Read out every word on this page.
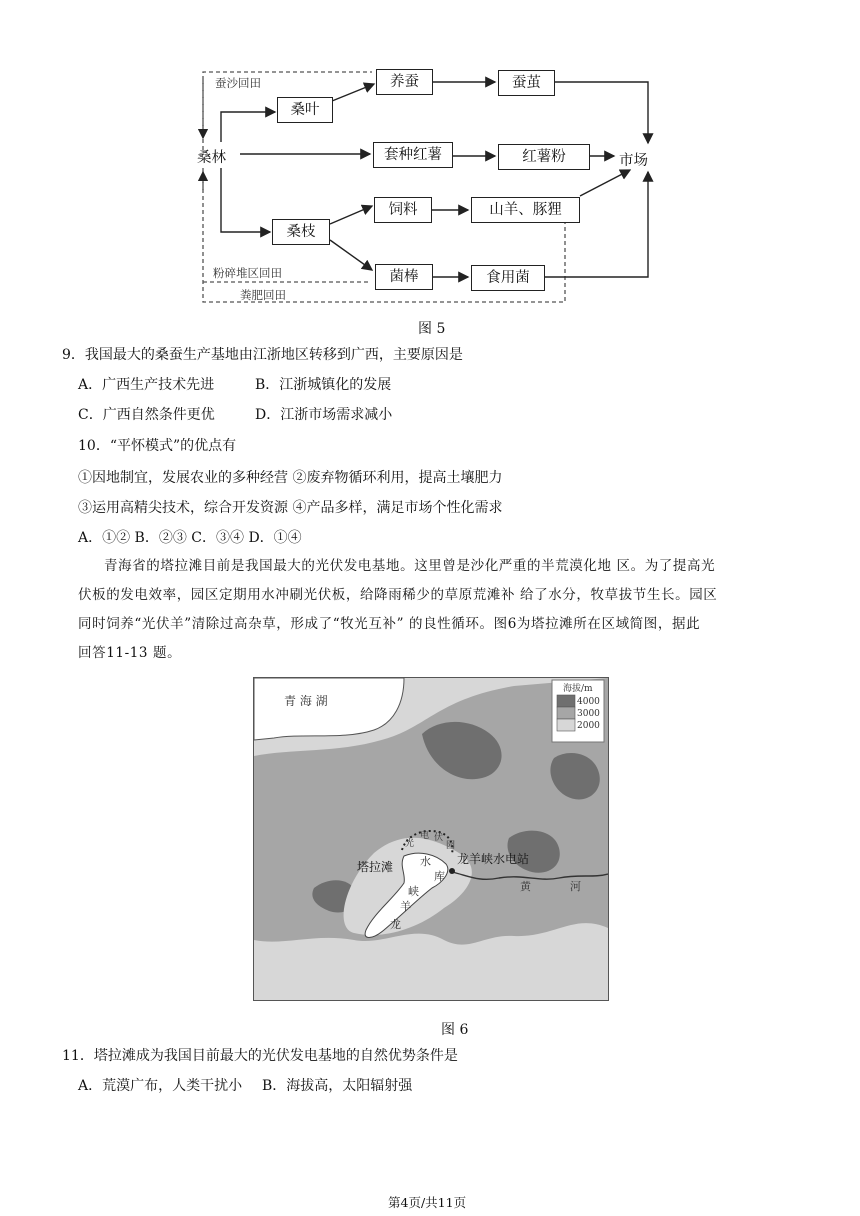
蚕沙回田
桑叶
养蚕	蚕茧
桑林	套种红薯	红薯粉	市场
饲料	山羊、豚狸
桑枝
菌棒	食用菌
粉碎堆区回田
粪肥回田
图 5
9．我国最大的桑蚕生产基地由江浙地区转移到广西，主要原因是
A．广西生产技术先进	B．江浙城镇化的发展
C．广西自然条件更优	D．江浙市场需求减小
10．“平怀模式”的优点有
①因地制宜，发展农业的多种经营 ②废弃物循环利用，提高土壤肥力
③运用高精尖技术，综合开发资源 ④产品多样，满足市场个性化需求
A．①② B．②③ C．③④ D．①④
青海省的塔拉滩目前是我国最大的光伏发电基地。这里曾是沙化严重的半荒漠化地 区。为了提高光
伏板的发电效率，园区定期用水冲刷光伏板，给降雨稀少的草原荒滩补 给了水分，牧草拔节生长。园区
同时饲养“光伏羊”清除过高杂草，形成了“牧光互补” 的良性循环。图6为塔拉滩所在区域简图，据此
回答11-13 题。
青 海 湖
海拔/m
4000
3000
2000
光
电 伏
园
塔拉滩
龙羊峡水电站
水
库
峡
羊
龙
黄	河
图 6
11．塔拉滩成为我国目前最大的光伏发电基地的自然优势条件是
A．荒漠广布，人类干扰小 B．海拔高，太阳辐射强
第4页/共11页
